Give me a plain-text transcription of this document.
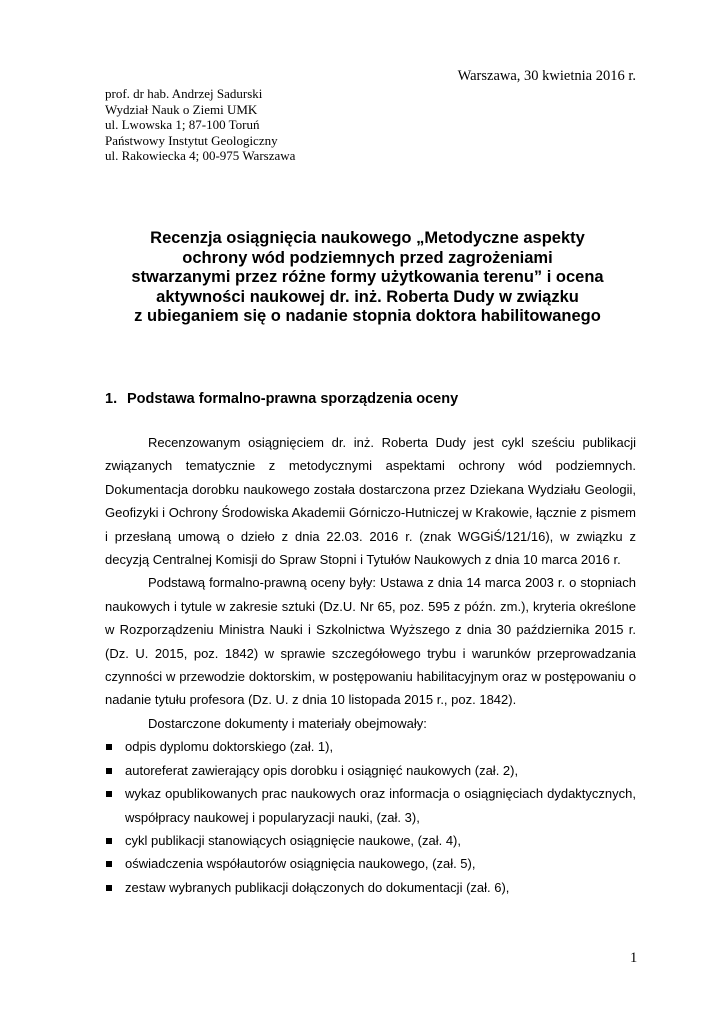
Warszawa, 30 kwietnia 2016 r.
prof. dr hab. Andrzej Sadurski
Wydział Nauk o Ziemi UMK
ul. Lwowska 1; 87-100 Toruń
Państwowy Instytut Geologiczny
ul. Rakowiecka 4; 00-975 Warszawa
Recenzja osiągnięcia naukowego „Metodyczne aspekty
ochrony wód podziemnych przed zagrożeniami
stwarzanymi przez różne formy użytkowania terenu” i ocena
aktywności naukowej dr. inż. Roberta Dudy w związku
z ubieganiem się o nadanie stopnia doktora habilitowanego
1. Podstawa formalno-prawna sporządzenia oceny

Recenzowanym osiągnięciem dr. inż. Roberta Dudy jest cykl sześciu publikacji związanych tematycznie z metodycznymi aspektami ochrony wód podziemnych. Dokumentacja dorobku naukowego została dostarczona przez Dziekana Wydziału Geologii, Geofizyki i Ochrony Środowiska Akademii Górniczo-Hutniczej w Krakowie, łącznie z pismem i przesłaną umową o dzieło z dnia 22.03. 2016 r. (znak WGGiŚ/121/16), w związku z decyzją Centralnej Komisji do Spraw Stopni i Tytułów Naukowych z dnia 10 marca 2016 r.

Podstawą formalno-prawną oceny były: Ustawa z dnia 14 marca 2003 r. o stopniach naukowych i tytule w zakresie sztuki (Dz.U. Nr 65, poz. 595 z późn. zm.), kryteria określone w Rozporządzeniu Ministra Nauki i Szkolnictwa Wyższego z dnia 30 października 2015 r. (Dz. U. 2015, poz. 1842) w sprawie szczegółowego trybu i warunków przeprowadzania czynności w przewodzie doktorskim, w postępowaniu habilitacyjnym oraz w postępowaniu o nadanie tytułu profesora (Dz. U. z dnia 10 listopada 2015 r., poz. 1842).

Dostarczone dokumenty i materiały obejmowały:

odpis dyplomu doktorskiego (zał. 1),
autoreferat zawierający opis dorobku i osiągnięć naukowych (zał. 2),
wykaz opublikowanych prac naukowych oraz informacja o osiągnięciach dydaktycznych, współpracy naukowej i popularyzacji nauki, (zał. 3),
cykl publikacji stanowiących osiągnięcie naukowe, (zał. 4),
oświadczenia współautorów osiągnięcia naukowego, (zał. 5),
zestaw wybranych publikacji dołączonych do dokumentacji (zał. 6),
1
